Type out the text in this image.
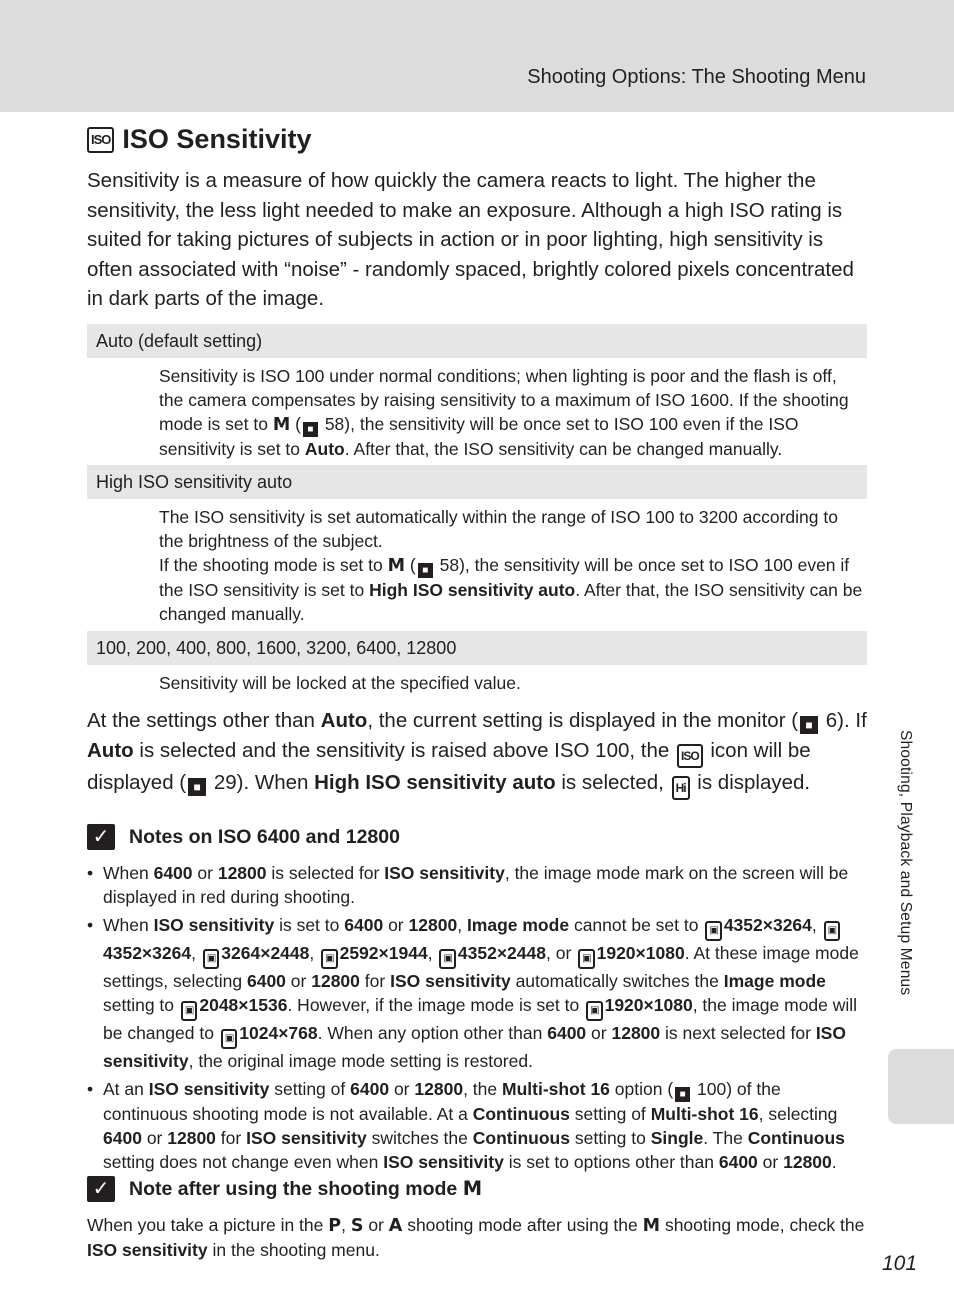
Shooting Options: The Shooting Menu
ISO ISO Sensitivity
Sensitivity is a measure of how quickly the camera reacts to light. The higher the sensitivity, the less light needed to make an exposure. Although a high ISO rating is suited for taking pictures of subjects in action or in poor lighting, high sensitivity is often associated with “noise” - randomly spaced, brightly colored pixels concentrated in dark parts of the image.
Auto (default setting)
Sensitivity is ISO 100 under normal conditions; when lighting is poor and the flash is off, the camera compensates by raising sensitivity to a maximum of ISO 1600. If the shooting mode is set to M ( ■ 58), the sensitivity will be once set to ISO 100 even if the ISO sensitivity is set to Auto. After that, the ISO sensitivity can be changed manually.
High ISO sensitivity auto
The ISO sensitivity is set automatically within the range of ISO 100 to 3200 according to the brightness of the subject.
If the shooting mode is set to M ( ■ 58), the sensitivity will be once set to ISO 100 even if the ISO sensitivity is set to High ISO sensitivity auto. After that, the ISO sensitivity can be changed manually.
100, 200, 400, 800, 1600, 3200, 6400, 12800
Sensitivity will be locked at the specified value.
At the settings other than Auto, the current setting is displayed in the monitor ( ■ 6). If Auto is selected and the sensitivity is raised above ISO 100, the ISO icon will be displayed ( ■ 29). When High ISO sensitivity auto is selected, Hi is displayed.
✓ Notes on ISO 6400 and 12800
• When 6400 or 12800 is selected for ISO sensitivity, the image mode mark on the screen will be displayed in red during shooting.
• When ISO sensitivity is set to 6400 or 12800, Image mode cannot be set to ▣ 4352×3264, ▣4352×3264, ▣ 3264×2448, ▣ 2592×1944, ▣ 4352×2448, or ▣ 1920×1080. At these image mode settings, selecting 6400 or 12800 for ISO sensitivity automatically switches the Image mode setting to ▣ 2048×1536. However, if the image mode is set to ▣ 1920×1080, the image mode will be changed to ▣ 1024×768. When any option other than 6400 or 12800 is next selected for ISO sensitivity, the original image mode setting is restored.
• At an ISO sensitivity setting of 6400 or 12800, the Multi-shot 16 option ( ■ 100) of the continuous shooting mode is not available. At a Continuous setting of Multi-shot 16, selecting 6400 or 12800 for ISO sensitivity switches the Continuous setting to Single. The Continuous setting does not change even when ISO sensitivity is set to options other than 6400 or 12800.
✓ Note after using the shooting mode M
When you take a picture in the P, S or A shooting mode after using the M shooting mode, check the ISO sensitivity in the shooting menu.
Shooting, Playback and Setup Menus
101
